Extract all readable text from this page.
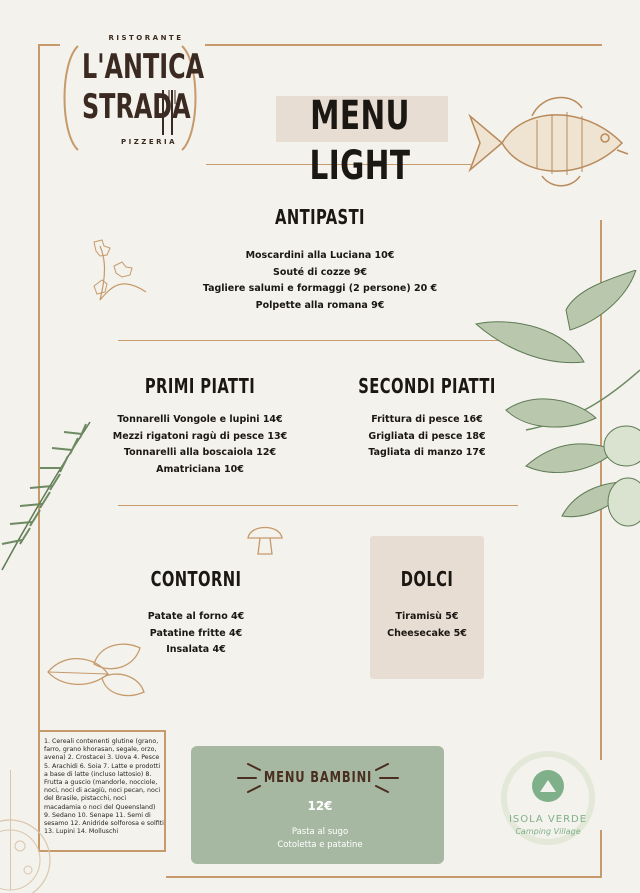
RISTORANTE
L'ANTICA
STRADA
PIZZERIA
MENU LIGHT
ANTIPASTI
Moscardini alla Luciana 10€
Souté di cozze 9€
Tagliere salumi e formaggi (2 persone) 20 €
Polpette alla romana 9€
PRIMI PIATTI
Tonnarelli Vongole e lupini 14€
Mezzi rigatoni ragù di pesce 13€
Tonnarelli alla boscaiola 12€
Amatriciana 10€
SECONDI PIATTI
Frittura di pesce 16€
Grigliata di pesce 18€
Tagliata di manzo 17€
CONTORNI
Patate al forno 4€
Patatine fritte 4€
Insalata 4€
DOLCI
Tiramisù 5€
Cheesecake 5€
1. Cereali contenenti glutine (grano,
farro, grano khorasan, segale, orzo,
avena) 2. Crostacei 3. Uova 4. Pesce
5. Arachidi 6. Soia 7. Latte e prodotti
a base di latte (incluso lattosio) 8.
Frutta a guscio (mandorle, nocciole,
noci, noci di acagiù, noci pecan, noci
del Brasile, pistacchi, noci
macadamia o noci del Queensland)
9. Sedano 10. Senape 11. Semi di
sesamo 12. Anidride solforosa e solfiti
13. Lupini 14. Molluschi
MENU BAMBINI
12€
Pasta al sugo
Cotoletta e patatine
ISOLA VERDE
Camping Village
